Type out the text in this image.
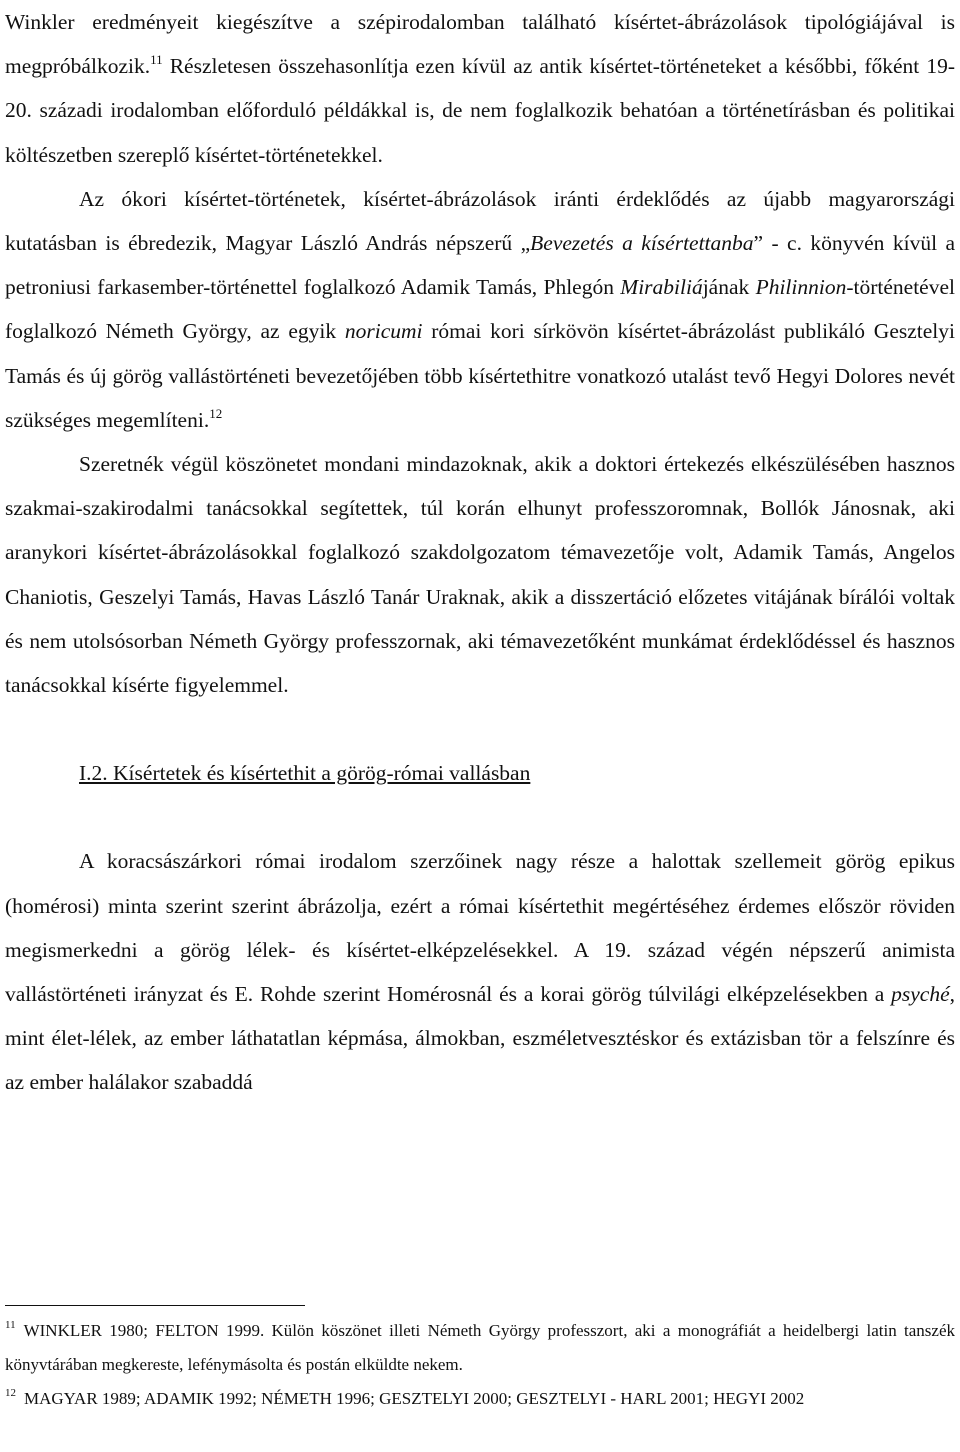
Winkler eredményeit kiegészítve a szépirodalomban található kísértet-ábrázolások tipológiájával is megpróbálkozik.$^{11}$ Részletesen összehasonlítja ezen kívül az antik kísértet-történeteket a későbbi, főként 19-20. századi irodalomban előforduló példákkal is, de nem foglalkozik behatóan a történetírásban és politikai költészetben szereplő kísértet-történetekkel.

Az ókori kísértet-történetek, kísértet-ábrázolások iránti érdeklődés az újabb magyarországi kutatásban is ébredezik, Magyar László András népszerű „Bevezetés a kísértettanba” - c. könyvén kívül a petroniusi farkasember-történettel foglalkozó Adamik Tamás, Phlegón Mirabiliájának Philinnion-történetével foglalkozó Németh György, az egyik noricumi római kori sírkövön kísértet-ábrázolást publikáló Gesztelyi Tamás és új görög vallástörténeti bevezetőjében több kísértethitre vonatkozó utalást tevő Hegyi Dolores nevét szükséges megemlíteni.$^{12}$

Szeretnék végül köszönetet mondani mindazoknak, akik a doktori értekezés elkészülésében hasznos szakmai-szakirodalmi tanácsokkal segítettek, túl korán elhunyt professzoromnak, Bollók Jánosnak, aki aranykori kísértet-ábrázolásokkal foglalkozó szakdolgozatom témavezetője volt, Adamik Tamás, Angelos Chaniotis, Geszelyi Tamás, Havas László Tanár Uraknak, akik a disszertáció előzetes vitájának bírálói voltak és nem utolsósorban Németh György professzornak, aki témavezetőként munkámat érdeklődéssel és hasznos tanácsokkal kísérte figyelemmel.

I.2. Kísértetek és kísértethit a görög-római vallásban

A koracsászárkori római irodalom szerzőinek nagy része a halottak szellemeit görög epikus (homérosi) minta szerint szerint ábrázolja, ezért a római kísértethit megértéséhez érdemes először röviden megismerkedni a görög lélek- és kísértet-elképzelésekkel. A 19. század végén népszerű animista vallástörténeti irányzat és E. Rohde szerint Homérosnál és a korai görög túlvilági elképzelésekben a psyché, mint élet-lélek, az ember láthatatlan képmása, álmokban, eszméletvesztéskor és extázisban tör a felszínre és az ember halálakor szabaddá

$^{11}$ WINKLER 1980; FELTON 1999. Külön köszönet illeti Németh György professzort, aki a monográfiát a heidelbergi latin tanszék könyvtárában megkereste, lefénymásolta és postán elküldte nekem.

$^{12}$ MAGYAR 1989; ADAMIK 1992; NÉMETH 1996; GESZTELYI 2000; GESZTELYI - HARL 2001; HEGYI 2002
